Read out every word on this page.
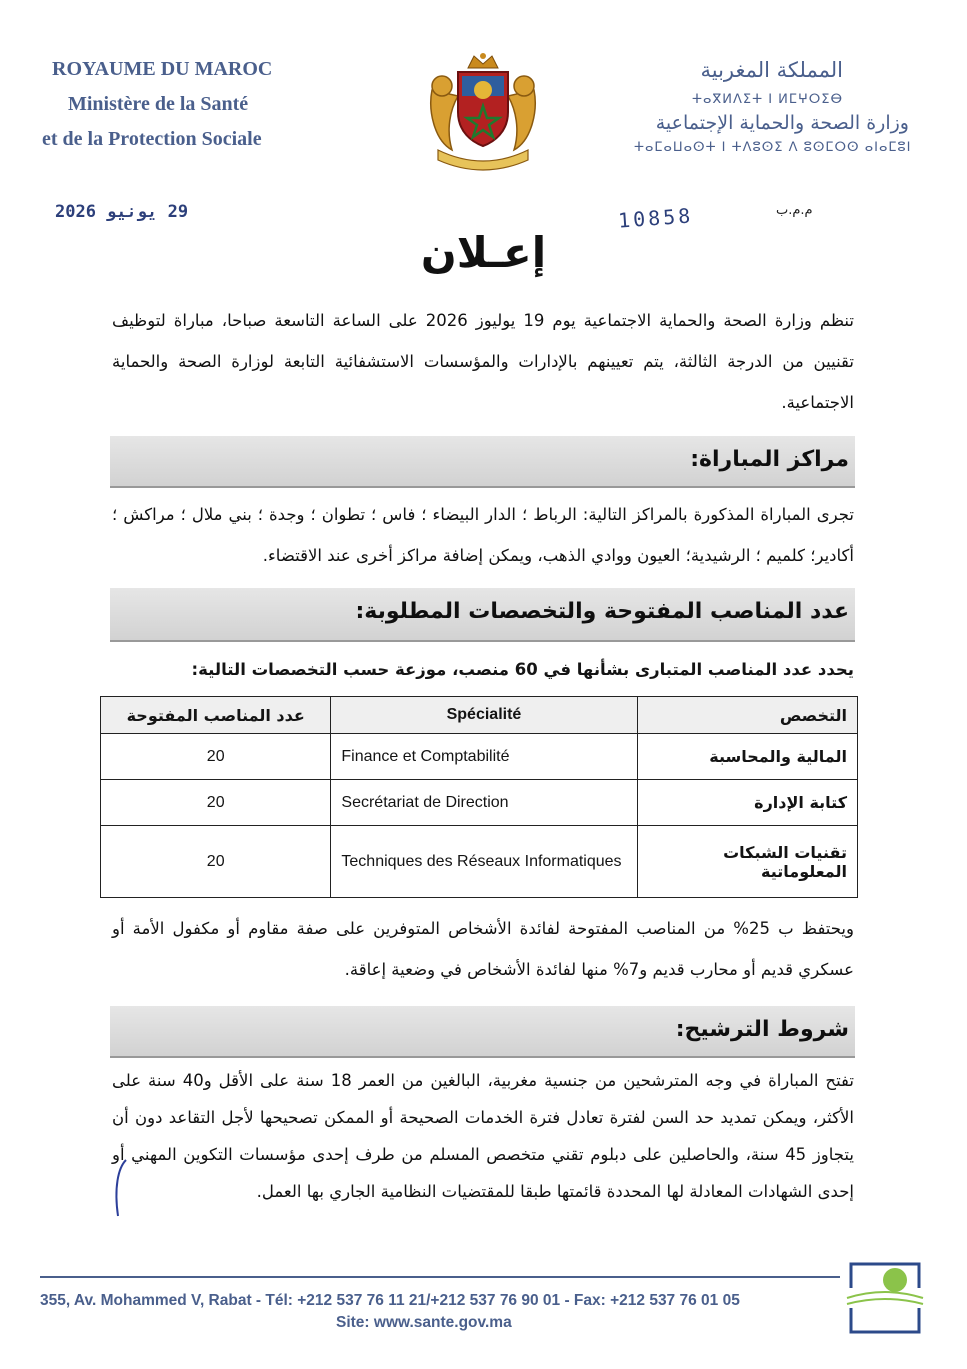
ROYAUME DU MAROC
Ministère de la Santé
et de la Protection Sociale
المملكة المغربية
ⵜⴰⴳⵍⴷⵉⵜ ⵏ ⵍⵎⵖⵔⵉⴱ
وزارة الصحة والحماية الإجتماعية
ⵜⴰⵎⴰⵡⴰⵙⵜ ⵏ ⵜⴷⵓⵙⵉ ⴷ ⵓⵙⵎⵔⵙ ⴰⵏⴰⵎⵓⵏ
29 يونيو 2026	10858	م.م.ب
إعـلان
تنظم وزارة الصحة والحماية الاجتماعية يوم 19 يوليوز 2026 على الساعة التاسعة صباحا، مباراة لتوظيف تقنيين من الدرجة الثالثة، يتم تعيينهم بالإدارات والمؤسسات الاستشفائية التابعة لوزارة الصحة والحماية الاجتماعية.
مراكز المباراة:
تجرى المباراة المذكورة بالمراكز التالية: الرباط ؛ الدار البيضاء ؛ فاس ؛ تطوان ؛ وجدة ؛ بني ملال ؛ مراكش ؛ أكادير؛ كلميم ؛ الرشيدية؛ العيون ووادي الذهب، ويمكن إضافة مراكز أخرى عند الاقتضاء.
عدد المناصب المفتوحة والتخصصات المطلوبة:
يحدد عدد المناصب المتبارى بشأنها في 60 منصب، موزعة حسب التخصصات التالية:
التخصص	Spécialité	عدد المناصب المفتوحة
المالية والمحاسبة	Finance et Comptabilité	20
كتابة الإدارة	Secrétariat de Direction	20
تقنيات الشبكات المعلوماتية	Techniques des Réseaux Informatiques	20
ويحتفظ ب 25% من المناصب المفتوحة لفائدة الأشخاص المتوفرين على صفة مقاوم أو مكفول الأمة أو عسكري قديم أو محارب قديم و7% منها لفائدة الأشخاص في وضعية إعاقة.
شروط الترشيح:
تفتح المباراة في وجه المترشحين من جنسية مغربية، البالغين من العمر 18 سنة على الأقل و40 سنة على الأكثر، ويمكن تمديد حد السن لفترة تعادل فترة الخدمات الصحيحة أو الممكن تصحيحها لأجل التقاعد دون أن يتجاوز 45 سنة، والحاصلين على دبلوم تقني متخصص المسلم من طرف إحدى مؤسسات التكوين المهني أو إحدى الشهادات المعادلة لها المحددة قائمتها طبقا للمقتضيات النظامية الجاري بها العمل.
355, Av. Mohammed V, Rabat - Tél: +212 537 76 11 21/+212 537 76 90 01 - Fax: +212 537 76 01 05
Site: www.sante.gov.ma
